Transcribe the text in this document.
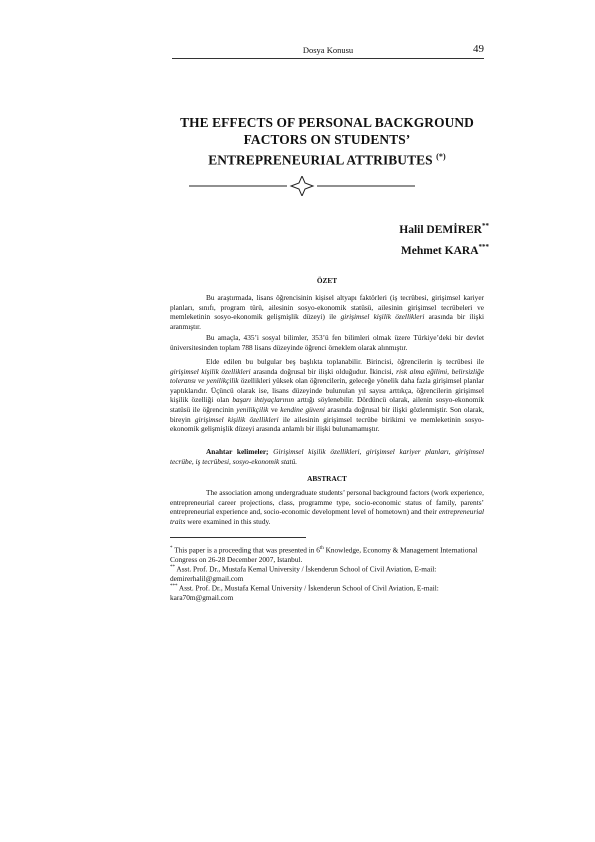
Dosya Konusu	49
THE EFFECTS OF PERSONAL BACKGROUND
FACTORS ON STUDENTS’
ENTREPRENEURIAL ATTRIBUTES (*)
Halil DEMİRER**
Mehmet KARA***
ÖZET
Bu araştırmada, lisans öğrencisinin kişisel altyapı faktörleri (iş tecrübesi, girişimsel kariyer planları, sınıfı, program türü, ailesinin sosyo-ekonomik statüsü, ailesinin girişimsel tecrübeleri ve memleketinin sosyo-ekonomik gelişmişlik düzeyi) ile girişimsel kişilik özellikleri arasında bir ilişki aranmıştır.
Bu amaçla, 435’i sosyal bilimler, 353’ü fen bilimleri olmak üzere Türkiye’deki bir devlet üniversitesinden toplam 788 lisans düzeyinde öğrenci örneklem olarak alınmıştır.
Elde edilen bu bulgular beş başlıkta toplanabilir. Birincisi, öğrencilerin iş tecrübesi ile girişimsel kişilik özellikleri arasında doğrusal bir ilişki olduğudur. İkincisi, risk alma eğilimi, belirsizliğe toleransı ve yenilikçilik özellikleri yüksek olan öğrencilerin, geleceğe yönelik daha fazla girişimsel planlar yaptıklarıdır. Üçüncü olarak ise, lisans düzeyinde bulunulan yıl sayısı arttıkça, öğrencilerin girişimsel kişilik özelliği olan başarı ihtiyaçlarının arttığı söylenebilir. Dördüncü olarak, ailenin sosyo-ekonomik statüsü ile öğrencinin yenilikçilik ve kendine güveni arasında doğrusal bir ilişki gözlenmiştir. Son olarak, bireyin girişimsel kişilik özellikleri ile ailesinin girişimsel tecrübe birikimi ve memleketinin sosyo-ekonomik gelişmişlik düzeyi arasında anlamlı bir ilişki bulunamamıştır.
Anahtar kelimeler; Girişimsel kişilik özellikleri, girişimsel kariyer planları, girişimsel tecrübe, iş tecrübesi, sosyo-ekonomik statü.
ABSTRACT
The association among undergraduate students’ personal background factors (work experience, entrepreneurial career projections, class, programme type, socio-economic status of family, parents’ entrepreneurial experience and, socio-economic development level of hometown) and their entrepreneurial traits were examined in this study.
* This paper is a proceeding that was presented in 6th Knowledge, Economy & Management International Congress on 26-28 December 2007, Istanbul.
** Asst. Prof. Dr., Mustafa Kemal University / İskenderun School of Civil Aviation, E-mail: demirerhalil@gmail.com
*** Asst. Prof. Dr., Mustafa Kemal University / İskenderun School of Civil Aviation, E-mail: kara70m@gmail.com
